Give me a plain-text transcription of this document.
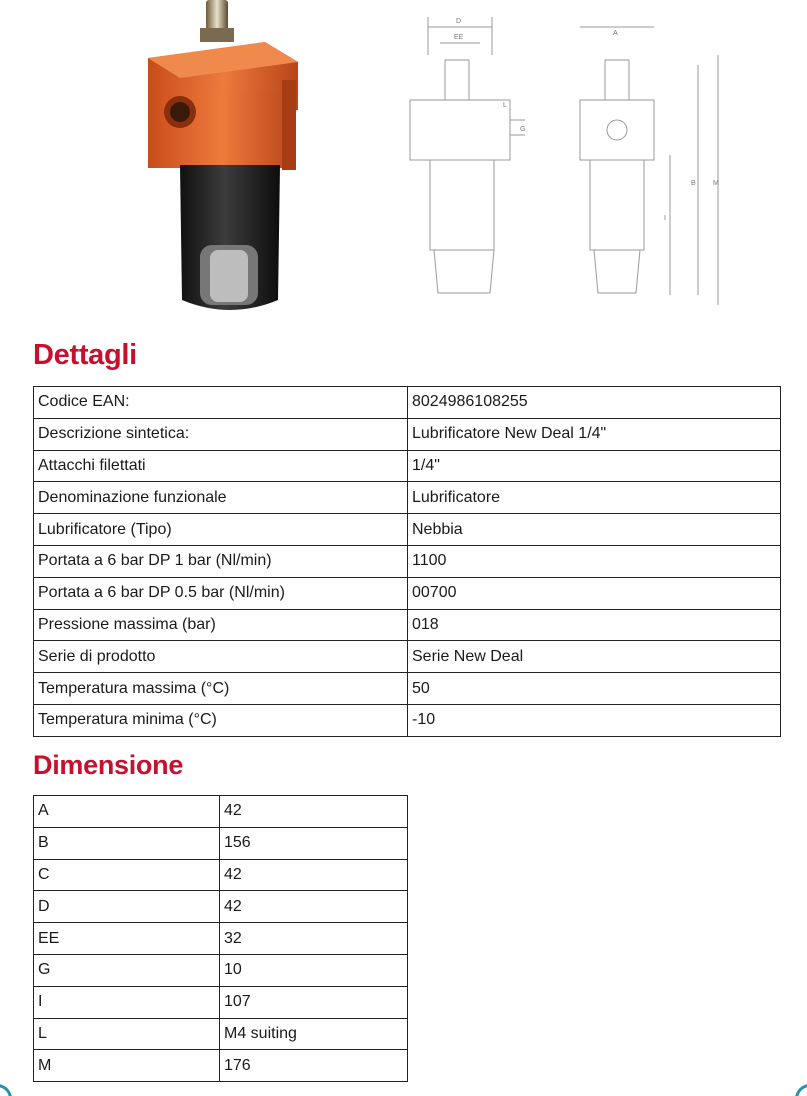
D
EE
L
G
A
B
I
M
Dettagli
Codice EAN:	8024986108255
Descrizione sintetica:	Lubrificatore New Deal 1/4"
Attacchi filettati	1/4"
Denominazione funzionale	Lubrificatore
Lubrificatore (Tipo)	Nebbia
Portata a 6 bar DP 1 bar (Nl/min)	1100
Portata a 6 bar DP 0.5 bar (Nl/min)	00700
Pressione massima (bar)	018
Serie di prodotto	Serie New Deal
Temperatura massima (°C)	50
Temperatura minima (°C)	-10
Dimensione
A	42
B	156
C	42
D	42
EE	32
G	10
I	107
L	M4 suiting
M	176
